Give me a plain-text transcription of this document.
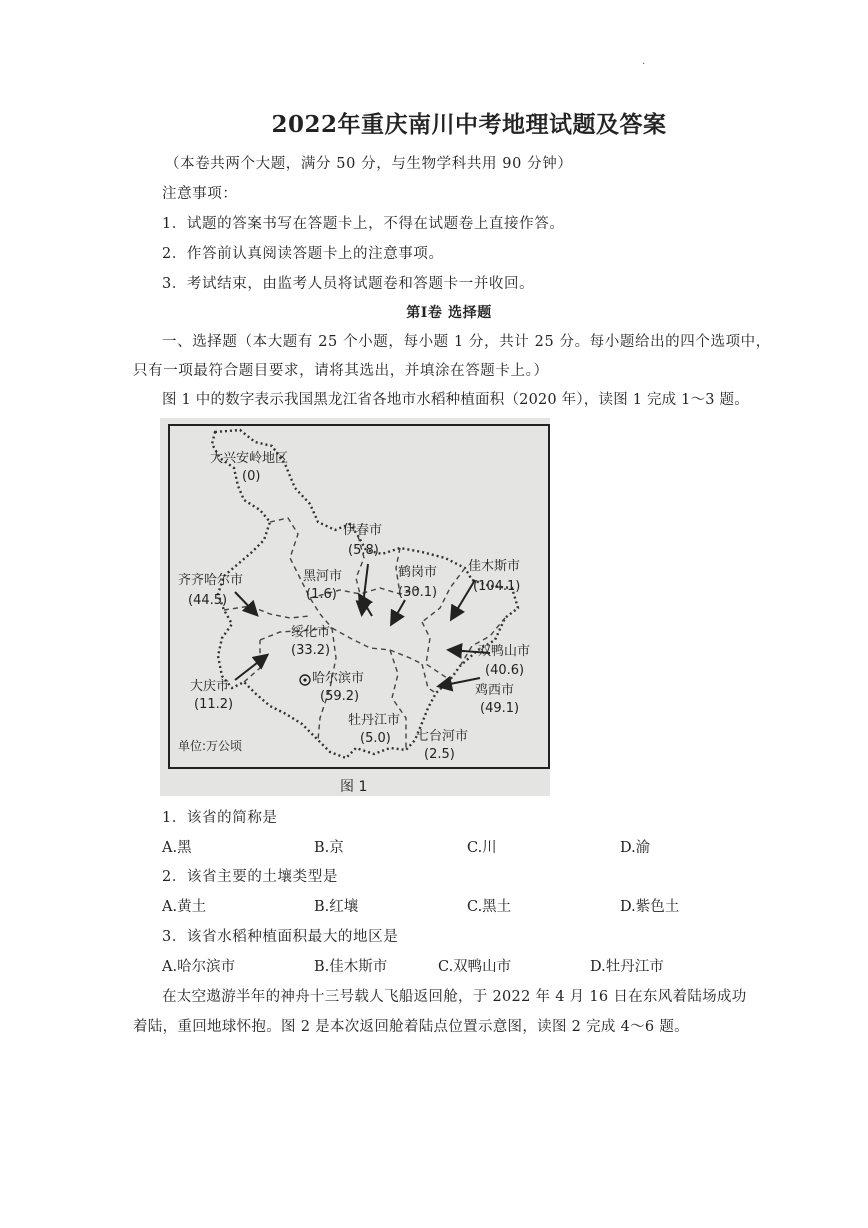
.
2022年重庆南川中考地理试题及答案
（本卷共两个大题，满分 50 分，与生物学科共用 90 分钟）
注意事项：
1．试题的答案书写在答题卡上，不得在试题卷上直接作答。
2．作答前认真阅读答题卡上的注意事项。
3．考试结束，由监考人员将试题卷和答题卡一并收回。
第Ⅰ卷 选择题
一、选择题（本大题有 25 个小题，每小题 1 分，共计 25 分。每小题给出的四个选项中，
只有一项最符合题目要求，请将其选出，并填涂在答题卡上。）
图 1 中的数字表示我国黑龙江省各地市水稻种植面积（2020 年），读图 1 完成 1～3 题。
大兴安岭地区
(0)
伊春市
(5.8)
黑河市
(1.6)
鹤岗市
(30.1)
佳木斯市
(104.1)
齐齐哈尔市
(44.5)
绥化市
(33.2)	双鸭山市
(40.6)
大庆市
(11.2)
哈尔滨市
(59.2)	鸡西市
(49.1)
牡丹江市
(5.0) 七台河市
(2.5)
单位:万公顷
图 1
1．该省的简称是
A.黑	B.京	C.川	D.渝
2．该省主要的土壤类型是
A.黄土	B.红壤	C.黑土	D.紫色土
3．该省水稻种植面积最大的地区是
A.哈尔滨市	B.佳木斯市	C.双鸭山市	D.牡丹江市
在太空遨游半年的神舟十三号载人飞船返回舱，于 2022 年 4 月 16 日在东风着陆场成功
着陆，重回地球怀抱。图 2 是本次返回舱着陆点位置示意图，读图 2 完成 4～6 题。
